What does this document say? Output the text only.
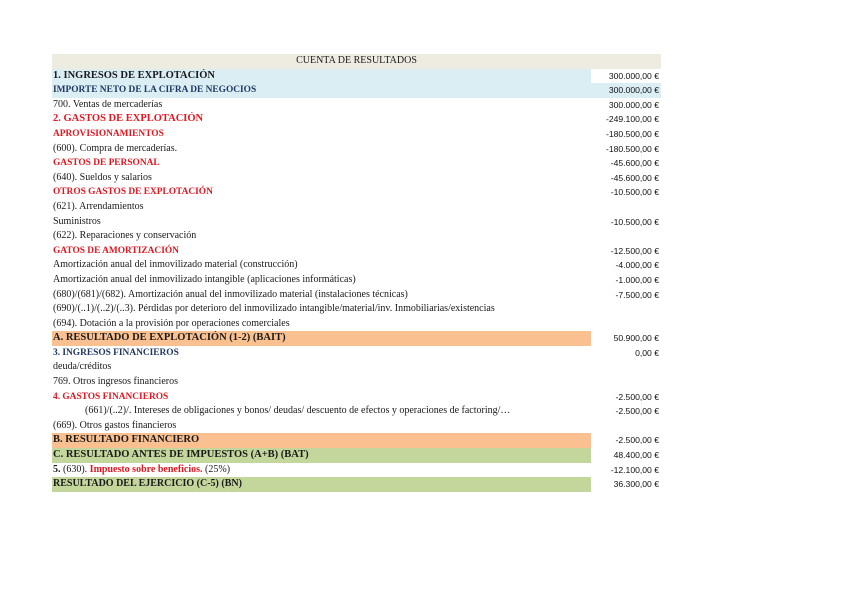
CUENTA DE RESULTADOS
1. INGRESOS DE EXPLOTACIÓN	300.000,00 €
IMPORTE NETO DE LA CIFRA DE NEGOCIOS	300.000,00 €
700. Ventas de mercaderías	300.000,00 €
2. GASTOS DE EXPLOTACIÓN	-249.100,00 €
APROVISIONAMIENTOS	-180.500,00 €
(600). Compra de mercaderías.	-180.500,00 €
GASTOS DE PERSONAL	-45.600,00 €
(640). Sueldos y salarios	-45.600,00 €
OTROS GASTOS DE EXPLOTACIÓN	-10.500,00 €
(621). Arrendamientos
Suministros	-10.500,00 €
(622). Reparaciones y conservación
GATOS DE AMORTIZACIÓN	-12.500,00 €
Amortización anual del inmovilizado material (construcción)	-4.000,00 €
Amortización anual del inmovilizado intangible (aplicaciones informáticas)	-1.000,00 €
(680)/(681)/(682). Amortización anual del inmovilizado material (instalaciones técnicas)	-7.500,00 €
(690)/(..1)/(..2)/(..3). Pérdidas por deterioro del inmovilizado intangible/material/inv. Inmobiliarias/existencias
(694). Dotación a la provisión por operaciones comerciales
A. RESULTADO DE EXPLOTACIÓN (1-2) (BAIT)	50.900,00 €
3. INGRESOS FINANCIEROS	0,00 €
deuda/créditos
769. Otros ingresos financieros
4. GASTOS FINANCIEROS	-2.500,00 €
(661)/(..2)/. Intereses de obligaciones y bonos/ deudas/ descuento de efectos y operaciones de factoring/…	-2.500,00 €
(669). Otros gastos financieros
B. RESULTADO FINANCIERO	-2.500,00 €
C. RESULTADO ANTES DE IMPUESTOS (A+B) (BAT)	48.400,00 €
5. (630). Impuesto sobre beneficios. (25%)	-12.100,00 €
RESULTADO DEL EJERCICIO (C-5) (BN)	36.300,00 €
